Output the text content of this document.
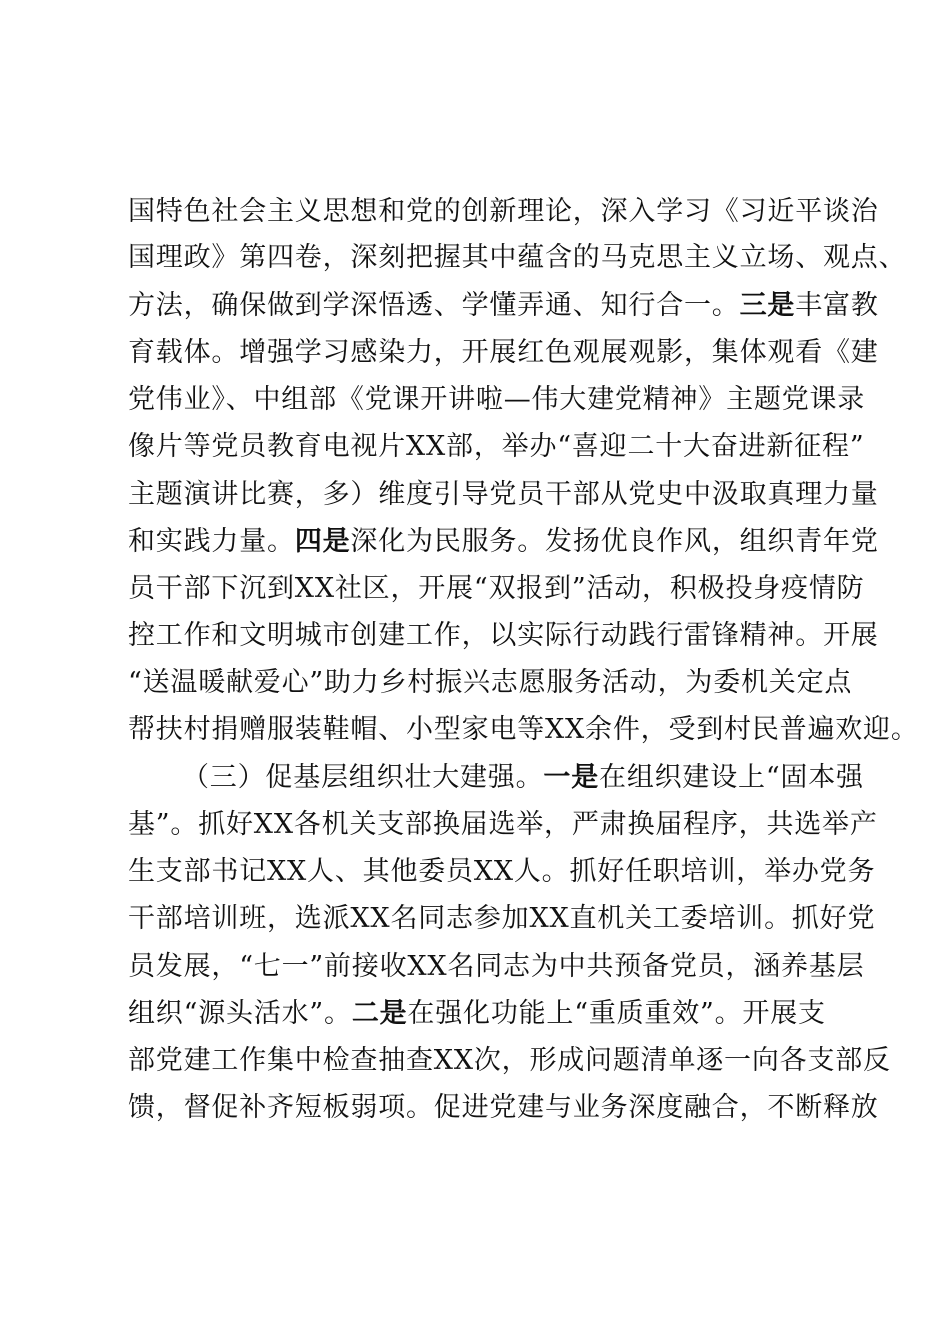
国特色社会主义思想和党的创新理论，深入学习《习近平谈治
国理政》第四卷，深刻把握其中蕴含的马克思主义立场、观点、
方法，确保做到学深悟透、学懂弄通、知行合一。三是丰富教
育载体。增强学习感染力，开展红色观展观影，集体观看《建
党伟业》、中组部《党课开讲啦—伟大建党精神》主题党课录
像片等党员教育电视片XX部，举办“喜迎二十大奋进新征程”
主题演讲比赛，多）维度引导党员干部从党史中汲取真理力量
和实践力量。四是深化为民服务。发扬优良作风，组织青年党
员干部下沉到XX社区，开展“双报到”活动，积极投身疫情防
控工作和文明城市创建工作，以实际行动践行雷锋精神。开展
“送温暖献爱心”助力乡村振兴志愿服务活动，为委机关定点
帮扶村捐赠服装鞋帽、小型家电等XX余件，受到村民普遍欢迎。
（三）促基层组织壮大建强。一是在组织建设上“固本强
基”。抓好XX各机关支部换届选举，严肃换届程序，共选举产
生支部书记XX人、其他委员XX人。抓好任职培训，举办党务
干部培训班，选派XX名同志参加XX直机关工委培训。抓好党
员发展，“七一”前接收XX名同志为中共预备党员，涵养基层
组织“源头活水”。二是在强化功能上“重质重效”。开展支
部党建工作集中检查抽查XX次，形成问题清单逐一向各支部反
馈，督促补齐短板弱项。促进党建与业务深度融合，不断释放
